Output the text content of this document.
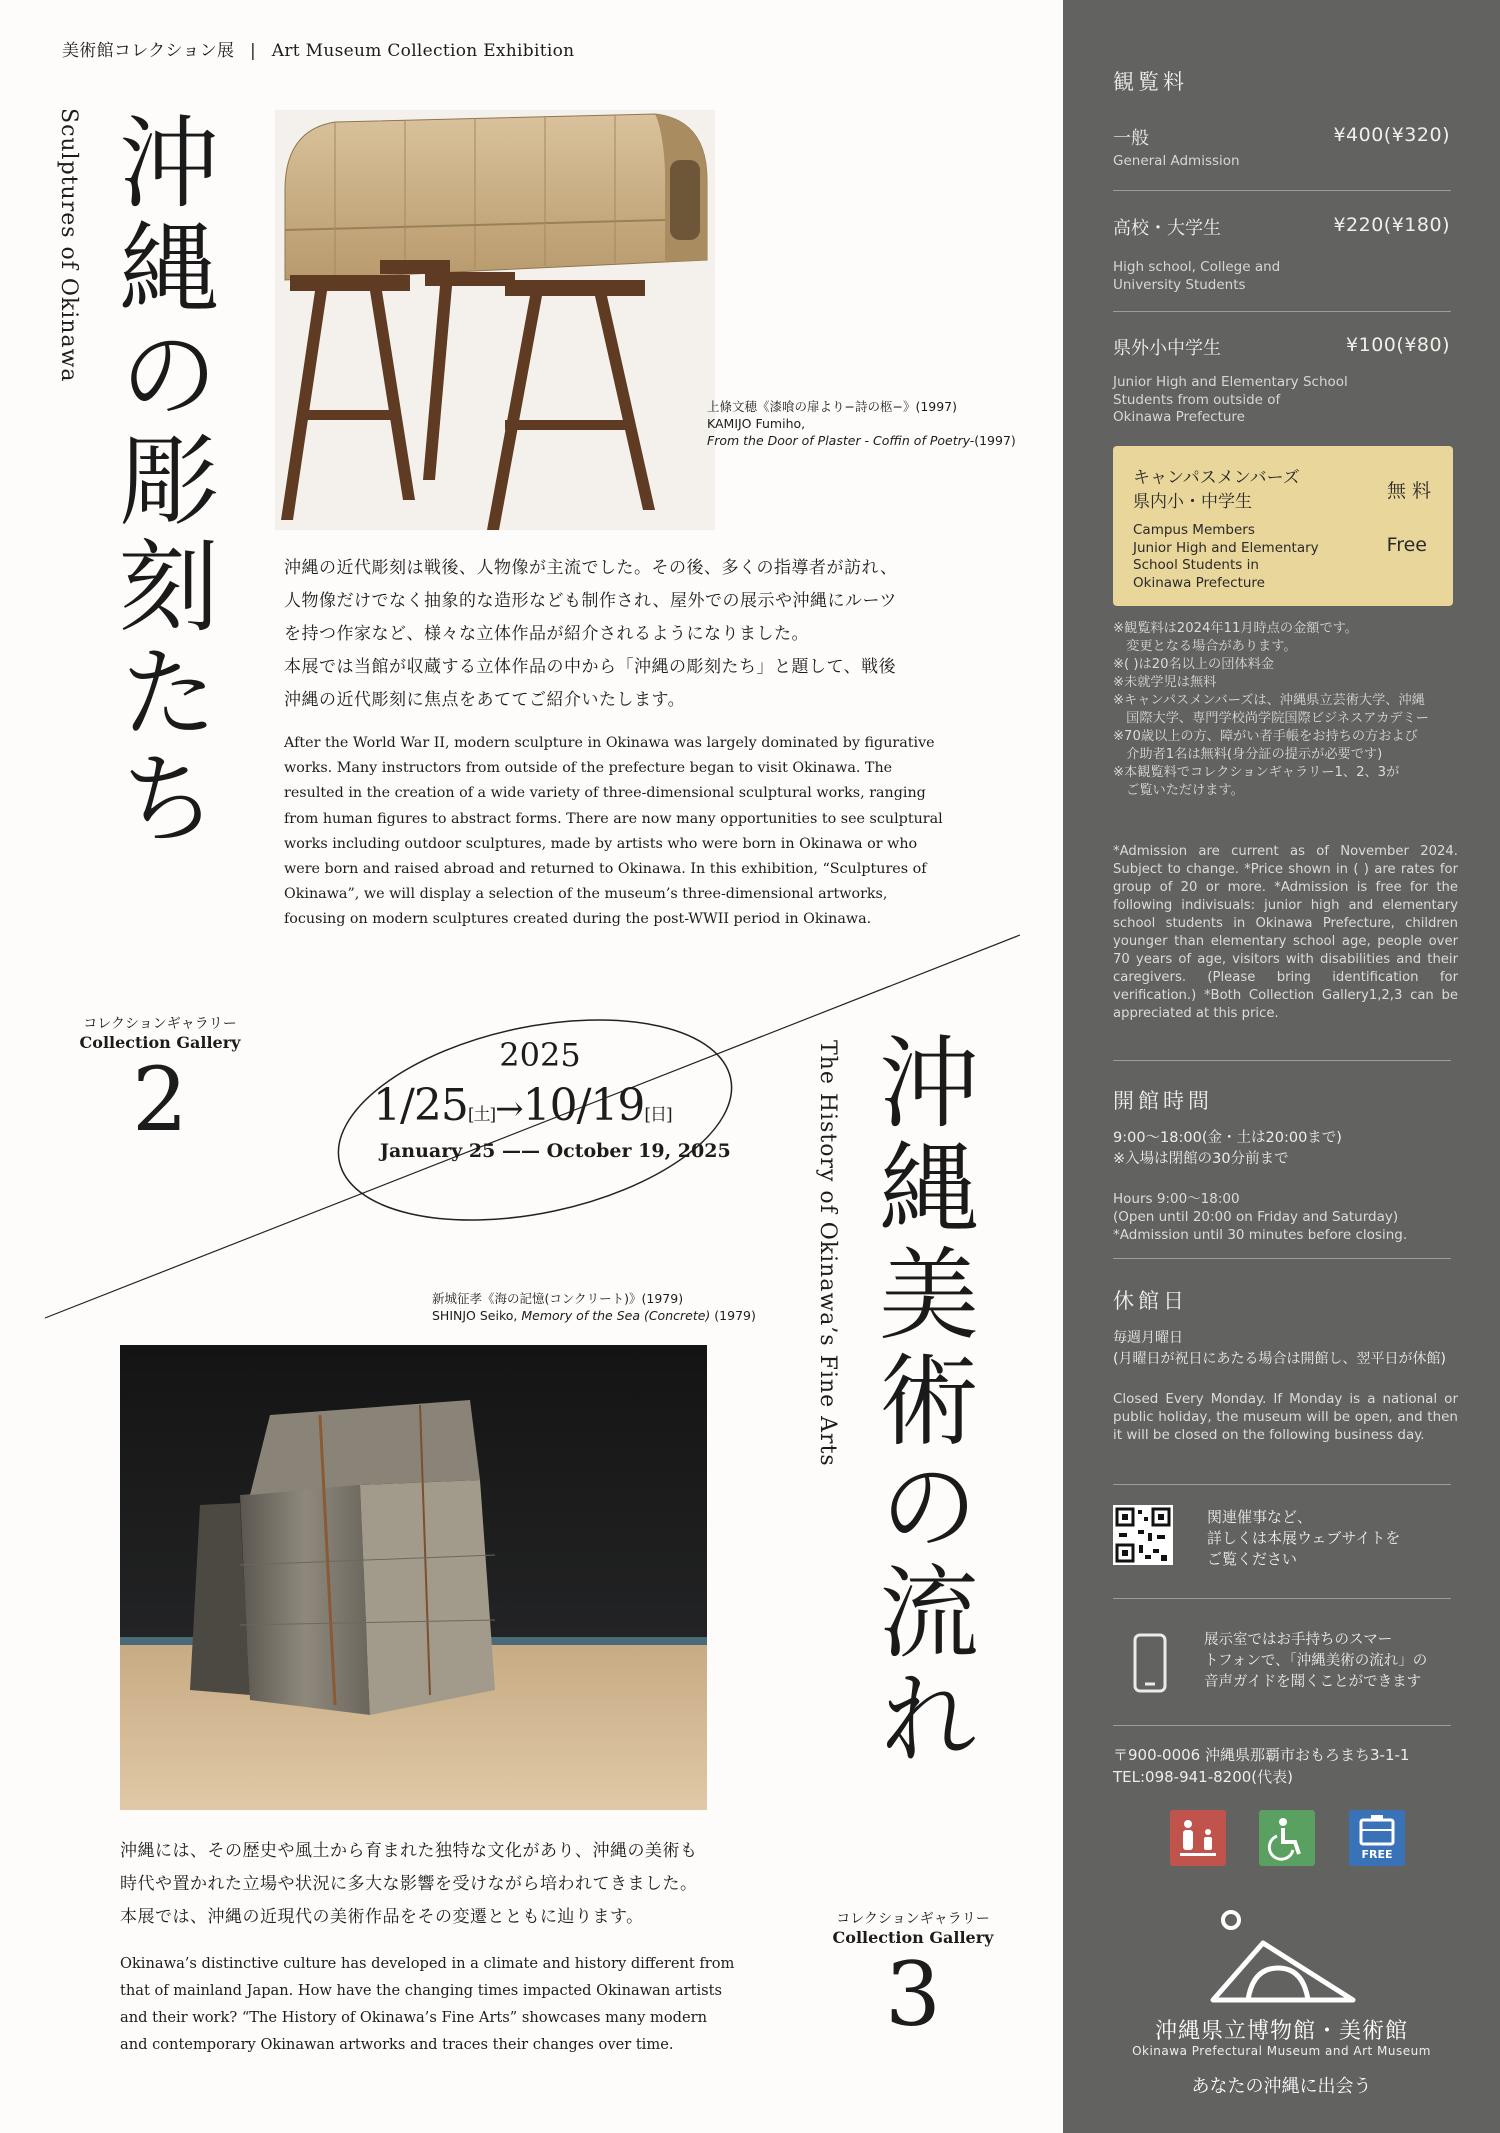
美術館コレクション展 | Art Museum Collection Exhibition
Sculptures of Okinawa 沖縄の彫刻たち	上條文穂《漆喰の扉より−詩の柩−》(1997)
KAMIJO Fumiho,
From the Door of Plaster - Coffin of Poetry-(1997)
沖縄の近代彫刻は戦後、人物像が主流でした。その後、多くの指導者が訪れ、
人物像だけでなく抽象的な造形なども制作され、屋外での展示や沖縄にルーツ
を持つ作家など、様々な立体作品が紹介されるようになりました。
本展では当館が収蔵する立体作品の中から「沖縄の彫刻たち」と題して、戦後
沖縄の近代彫刻に焦点をあててご紹介いたします。
After the World War II, modern sculpture in Okinawa was largely dominated by figurative
works. Many instructors from outside of the prefecture began to visit Okinawa. The
resulted in the creation of a wide variety of three-dimensional sculptural works, ranging
from human figures to abstract forms. There are now many opportunities to see sculptural
works including outdoor sculptures, made by artists who were born in Okinawa or who
were born and raised abroad and returned to Okinawa. In this exhibition, “Sculptures of
Okinawa”, we will display a selection of the museum’s three-dimensional artworks,
focusing on modern sculptures created during the post-WWII period in Okinawa.
コレクションギャラリー
Collection Gallery
2	2025
1/25[土]→10/19[日]
January 25 —— October 19, 2025
新城征孝《海の記憶(コンクリート)》(1979)
SHINJO Seiko, Memory of the Sea (Concrete) (1979)	The History of Okinawa’s Fine Arts 沖縄美術の流れ
沖縄には、その歴史や風土から育まれた独特な文化があり、沖縄の美術も
時代や置かれた立場や状況に多大な影響を受けながら培われてきました。
本展では、沖縄の近現代の美術作品をその変遷とともに辿ります。
Okinawa’s distinctive culture has developed in a climate and history different from
that of mainland Japan. How have the changing times impacted Okinawan artists
and their work? “The History of Okinawa’s Fine Arts” showcases many modern
and contemporary Okinawan artworks and traces their changes over time.
コレクションギャラリー
Collection Gallery
3
観覧料
一般	¥400(¥320)
General Admission
高校・大学生	¥220(¥180)
High school, College and
University Students
県外小中学生	¥100(¥80)
Junior High and Elementary School
Students from outside of
Okinawa Prefecture
キャンパスメンバーズ
県内小・中学生
Campus Members
Junior High and Elementary
School Students in
Okinawa Prefecture
無 料
Free
※観覧料は2024年11月時点の金額です。
　変更となる場合があります。
※( )は20名以上の団体料金
※未就学児は無料
※キャンパスメンバーズは、沖縄県立芸術大学、沖縄
　国際大学、専門学校尚学院国際ビジネスアカデミー
※70歳以上の方、障がい者手帳をお持ちの方および
　介助者1名は無料(身分証の提示が必要です)
※本観覧料でコレクションギャラリー1、2、3が
　ご覧いただけます。
*Admission are current as of November 2024. Subject to change. *Price shown in ( ) are rates for group of 20 or more. *Admission is free for the following indivisuals: junior high and elementary school students in Okinawa Prefecture, children younger than elementary school age, people over 70 years of age, visitors with disabilities and their caregivers. (Please bring identification for verification.) *Both Collection Gallery1,2,3 can be appreciated at this price.
開館時間
9:00〜18:00(金・土は20:00まで)
※入場は閉館の30分前まで
Hours 9:00〜18:00
(Open until 20:00 on Friday and Saturday)
*Admission until 30 minutes before closing.
休館日
毎週月曜日
(月曜日が祝日にあたる場合は開館し、翌平日が休館)
Closed Every Monday. If Monday is a national or public holiday, the museum will be open, and then it will be closed on the following business day.
関連催事など、
詳しくは本展ウェブサイトを
ご覧ください
展示室ではお手持ちのスマー
トフォンで、「沖縄美術の流れ」の
音声ガイドを聞くことができます
〒900-0006 沖縄県那覇市おもろまち3-1-1
TEL:098-941-8200(代表)
FREE
沖縄県立博物館・美術館
Okinawa Prefectural Museum and Art Museum
あなたの沖縄に出会う
